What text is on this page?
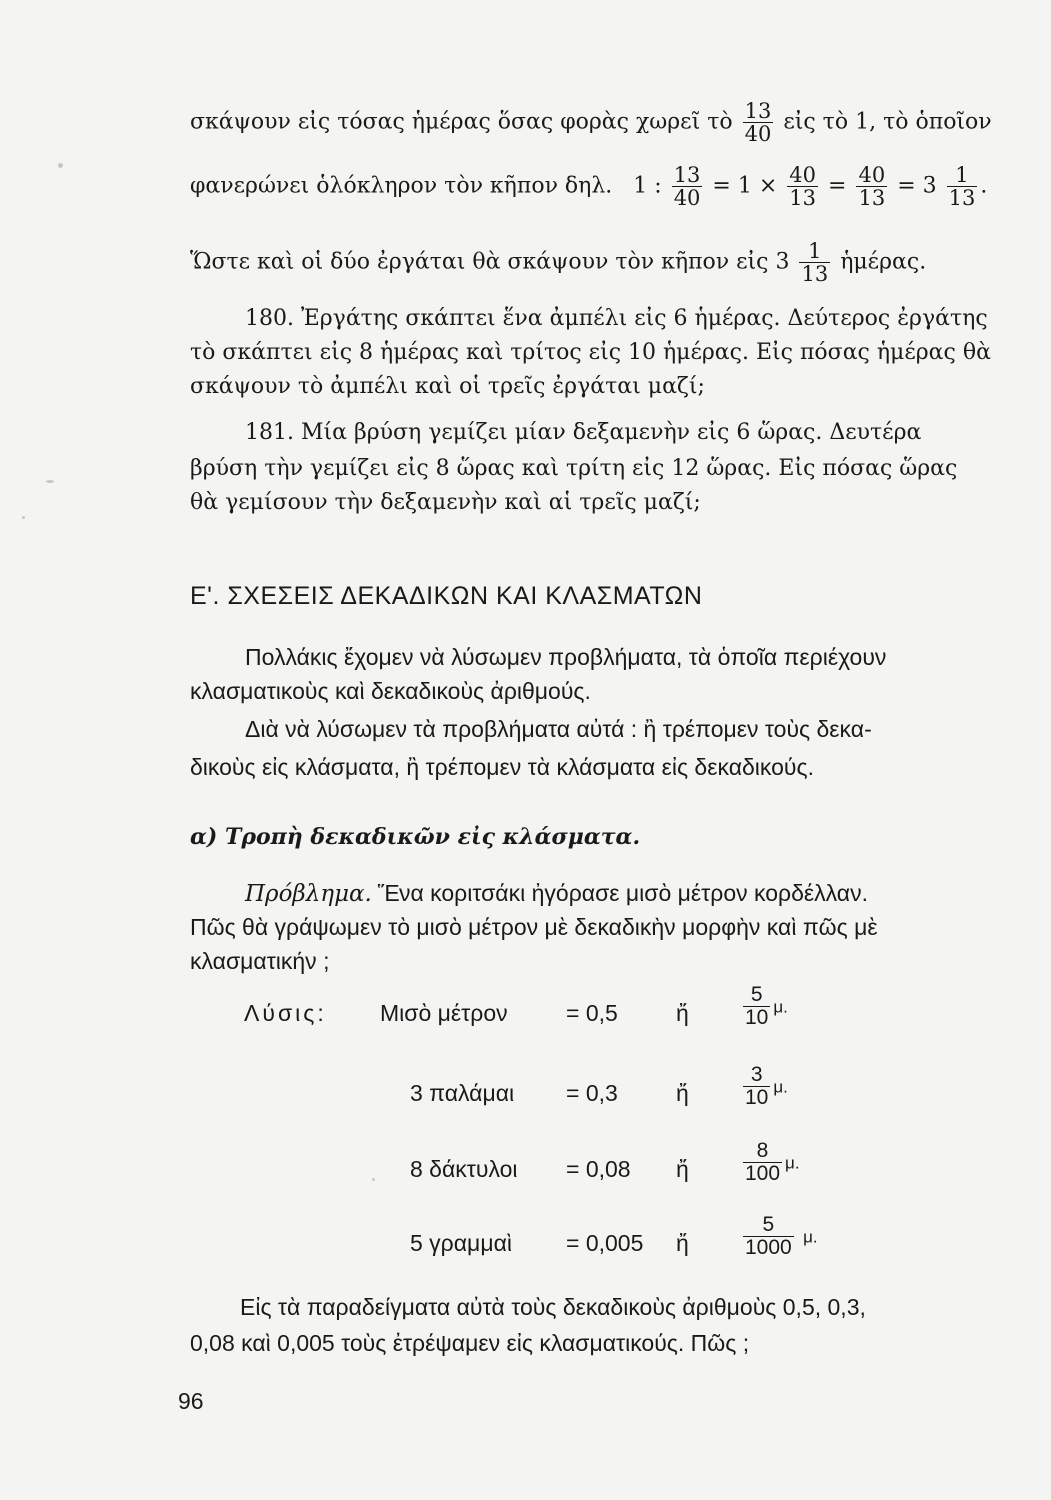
σκάψουν εἰς τόσας ἡμέρας ὅσας φορὰς χωρεῖ τὸ $\frac{13}{40}$ εἰς τὸ 1, τὸ ὁποῖον
φανερώνει ὁλόκληρον τὸν κῆπον δηλ. 1 : $\frac{13}{40} = 1 \times \frac{40}{13} = \frac{40}{13} = 3 \frac{1}{13}$ .
Ὥστε καὶ οἱ δύο ἐργάται θὰ σκάψουν τὸν κῆπον εἰς $3 \frac{1}{13}$ ἡμέρας.
180. Ἐργάτης σκάπτει ἕνα ἀμπέλι εἰς 6 ἡμέρας. Δεύτερος ἐργάτης
τὸ σκάπτει εἰς 8 ἡμέρας καὶ τρίτος εἰς 10 ἡμέρας. Εἰς πόσας ἡμέρας θὰ
σκάψουν τὸ ἀμπέλι καὶ οἱ τρεῖς ἐργάται μαζί;
181. Μία βρύση γεμίζει μίαν δεξαμενὴν εἰς 6 ὥρας. Δευτέρα
βρύση τὴν γεμίζει εἰς 8 ὥρας καὶ τρίτη εἰς 12 ὥρας. Εἰς πόσας ὥρας
θὰ γεμίσουν τὴν δεξαμενὴν καὶ αἱ τρεῖς μαζί;
Ε'. ΣΧΕΣΕΙΣ ΔΕΚΑΔΙΚΩΝ ΚΑΙ ΚΛΑΣΜΑΤΩΝ
Πολλάκις ἔχομεν νὰ λύσωμεν προβλήματα, τὰ ὁποῖα περιέχουν
κλασματικοὺς καὶ δεκαδικοὺς ἀριθμούς.
Διὰ νὰ λύσωμεν τὰ προβλήματα αὐτά : ἢ τρέπομεν τοὺς δεκα-
δικοὺς εἰς κλάσματα, ἢ τρέπομεν τὰ κλάσματα εἰς δεκαδικούς.
α) Τροπὴ δεκαδικῶν εἰς κλάσματα.
Πρόβλημα. Ἕνα κοριτσάκι ἠγόρασε μισὸ μέτρον κορδέλλαν.
Πῶς θὰ γράψωμεν τὸ μισὸ μέτρον μὲ δεκαδικὴν μορφὴν καὶ πῶς μὲ
κλασματικήν ;
Λύσις: Μισὸ μέτρον	= 0,5	ἤ	$\frac{5}{10} \mu$.
3 παλάμαι = 0,3	ἤ	$\frac{3}{10} \mu$.
8 δάκτυλοι = 0,08 ἤ	$\frac{8}{100} \mu$.
5 γραμμαὶ = 0,005 ἤ	$\frac{5}{1000} \mu$.
Εἰς τὰ παραδείγματα αὐτὰ τοὺς δεκαδικοὺς ἀριθμοὺς 0,5, 0,3,
0,08 καὶ 0,005 τοὺς ἐτρέψαμεν εἰς κλασματικούς. Πῶς ;
96
